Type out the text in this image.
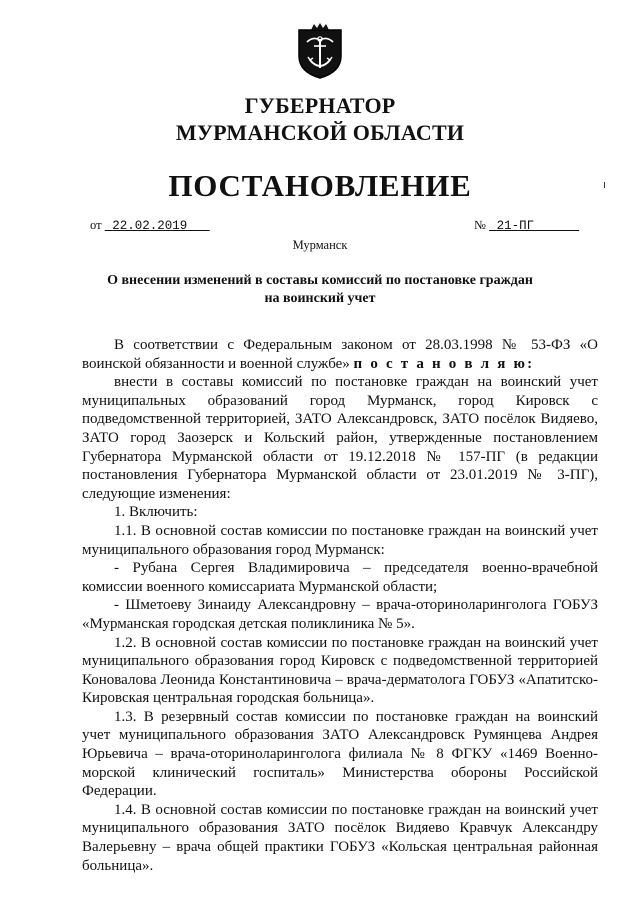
ГУБЕРНАТОР
МУРМАНСКОЙ ОБЛАСТИ
ПОСТАНОВЛЕНИЕ
от 22.02.2019	№ 21-ПГ
Мурманск
О внесении изменений в составы комиссий по постановке граждан
на воинский учет

В соответствии с Федеральным законом от 28.03.1998 № 53-ФЗ «О воинской обязанности и военной службе» п о с т а н о в л я ю:

внести в составы комиссий по постановке граждан на воинский учет муниципальных образований город Мурманск, город Кировск с подведомственной территорией, ЗАТО Александровск, ЗАТО посёлок Видяево, ЗАТО город Заозерск и Кольский район, утвержденные постановлением Губернатора Мурманской области от 19.12.2018 № 157-ПГ (в редакции постановления Губернатора Мурманской области от 23.01.2019 № 3-ПГ), следующие изменения:

1. Включить:

1.1. В основной состав комиссии по постановке граждан на воинский учет муниципального образования город Мурманск:

- Рубана Сергея Владимировича – председателя военно-врачебной комиссии военного комиссариата Мурманской области;

- Шметоеву Зинаиду Александровну – врача-оториноларинголога ГОБУЗ «Мурманская городская детская поликлиника № 5».

1.2. В основной состав комиссии по постановке граждан на воинский учет муниципального образования город Кировск с подведомственной территорией Коновалова Леонида Константиновича – врача-дерматолога ГОБУЗ «Апатитско-Кировская центральная городская больница».

1.3. В резервный состав комиссии по постановке граждан на воинский учет муниципального образования ЗАТО Александровск Румянцева Андрея Юрьевича – врача-оториноларинголога филиала № 8 ФГКУ «1469 Военно-морской клинический госпиталь» Министерства обороны Российской Федерации.

1.4. В основной состав комиссии по постановке граждан на воинский учет муниципального образования ЗАТО посёлок Видяево Кравчук Александру Валерьевну – врача общей практики ГОБУЗ «Кольская центральная районная больница».
